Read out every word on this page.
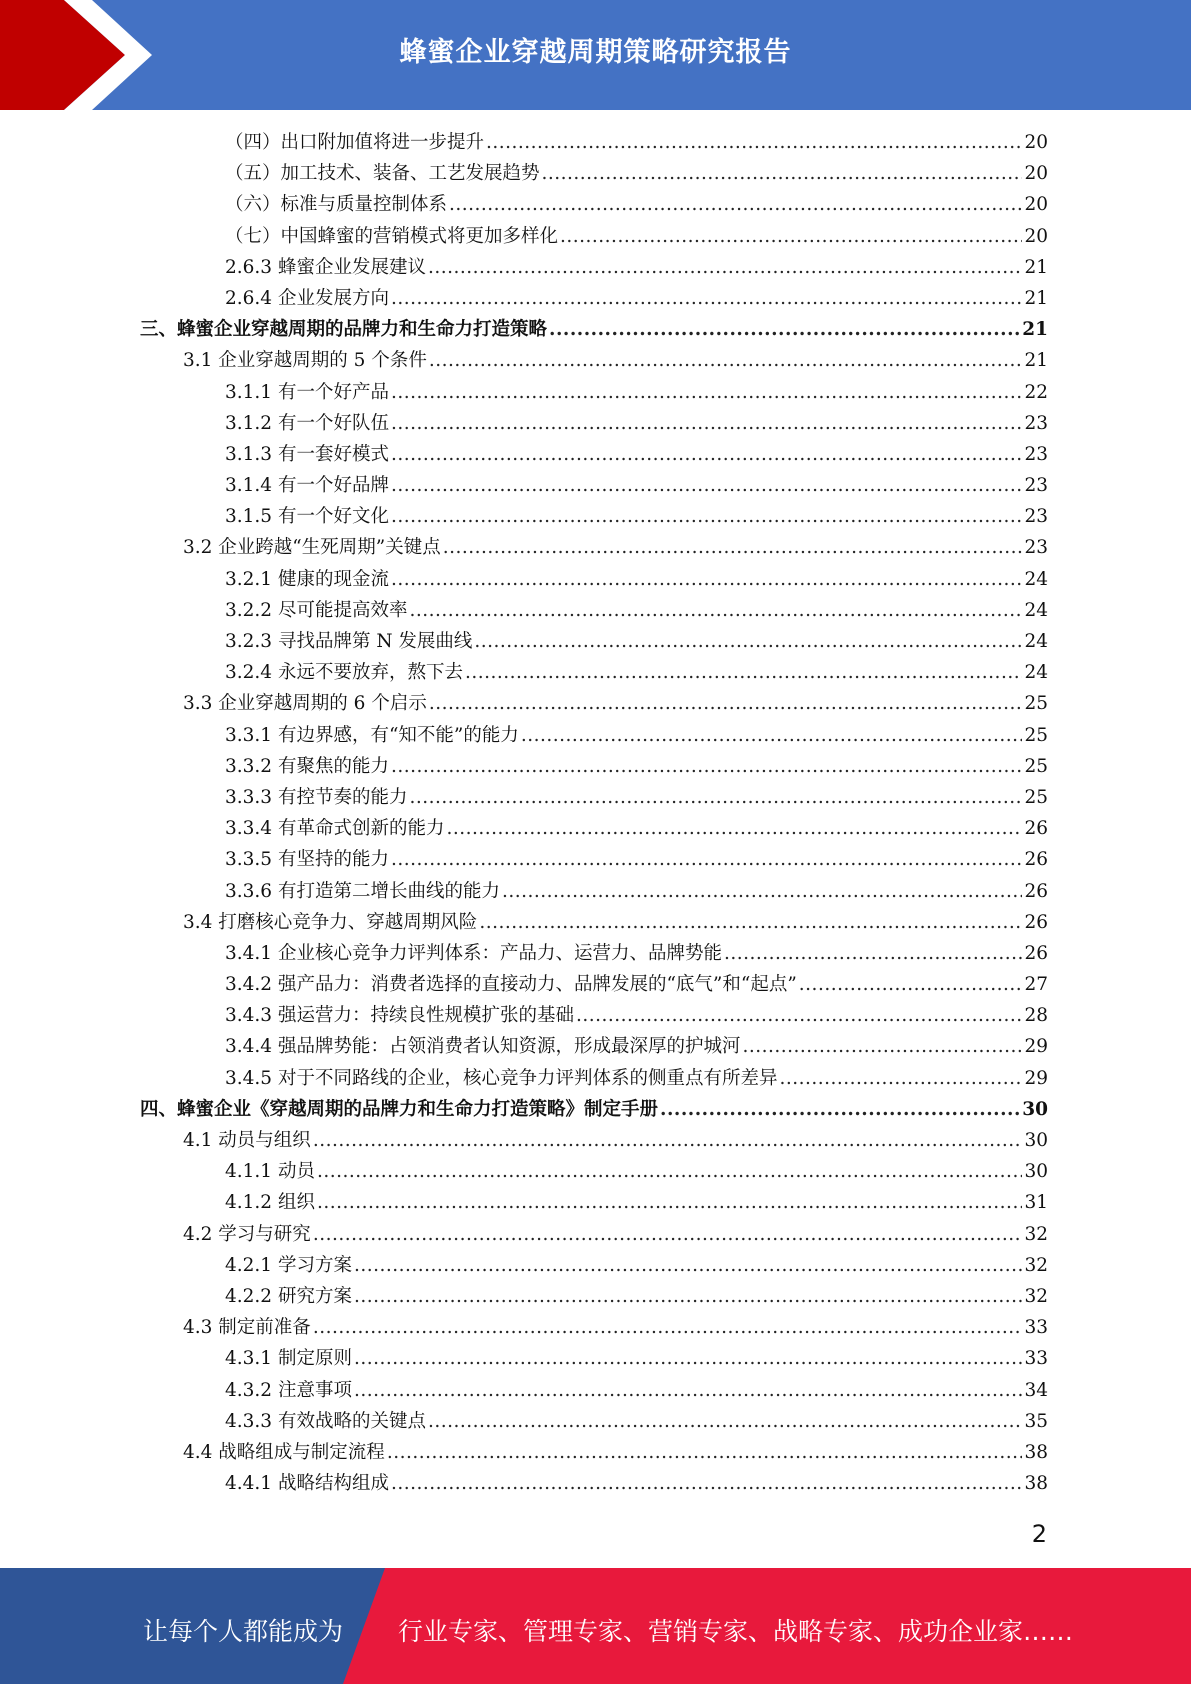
蜂蜜企业穿越周期策略研究报告
（四）出口附加值将进一步提升 .....	20
（五）加工技术、装备、工艺发展趋势 .....	20
（六）标准与质量控制体系 .....	20
（七）中国蜂蜜的营销模式将更加多样化 .....	20
2.6.3 蜂蜜企业发展建议 .....	21
2.6.4 企业发展方向 .....	21
三、蜂蜜企业穿越周期的品牌力和生命力打造策略 .....	21
3.1 企业穿越周期的 5 个条件 .....	21
3.1.1 有一个好产品 .....	22
3.1.2 有一个好队伍 .....	23
3.1.3 有一套好模式 .....	23
3.1.4 有一个好品牌 .....	23
3.1.5 有一个好文化 .....	23
3.2 企业跨越“生死周期”关键点 .....	23
3.2.1 健康的现金流 .....	24
3.2.2 尽可能提高效率 .....	24
3.2.3 寻找品牌第 N 发展曲线 .....	24
3.2.4 永远不要放弃，熬下去 .....	24
3.3 企业穿越周期的 6 个启示 .....	25
3.3.1 有边界感，有“知不能”的能力 .....	25
3.3.2 有聚焦的能力 .....	25
3.3.3 有控节奏的能力 .....	25
3.3.4 有革命式创新的能力 .....	26
3.3.5 有坚持的能力 .....	26
3.3.6 有打造第二增长曲线的能力 .....	26
3.4 打磨核心竞争力、穿越周期风险 .....	26
3.4.1 企业核心竞争力评判体系：产品力、运营力、品牌势能 .....	26
3.4.2 强产品力：消费者选择的直接动力、品牌发展的“底气”和“起点” .....	27
3.4.3 强运营力：持续良性规模扩张的基础 .....	28
3.4.4 强品牌势能：占领消费者认知资源，形成最深厚的护城河 .....	29
3.4.5 对于不同路线的企业，核心竞争力评判体系的侧重点有所差异 .....	29
四、蜂蜜企业《穿越周期的品牌力和生命力打造策略》制定手册 .....	30
4.1 动员与组织 .....	30
4.1.1 动员 .....	30
4.1.2 组织 .....	31
4.2 学习与研究 .....	32
4.2.1 学习方案 .....	32
4.2.2 研究方案 .....	32
4.3 制定前准备 .....	33
4.3.1 制定原则 .....	33
4.3.2 注意事项 .....	34
4.3.3 有效战略的关键点 .....	35
4.4 战略组成与制定流程 .....	38
4.4.1 战略结构组成 .....	38
2
让每个人都能成为 行业专家、管理专家、营销专家、战略专家、成功企业家……
